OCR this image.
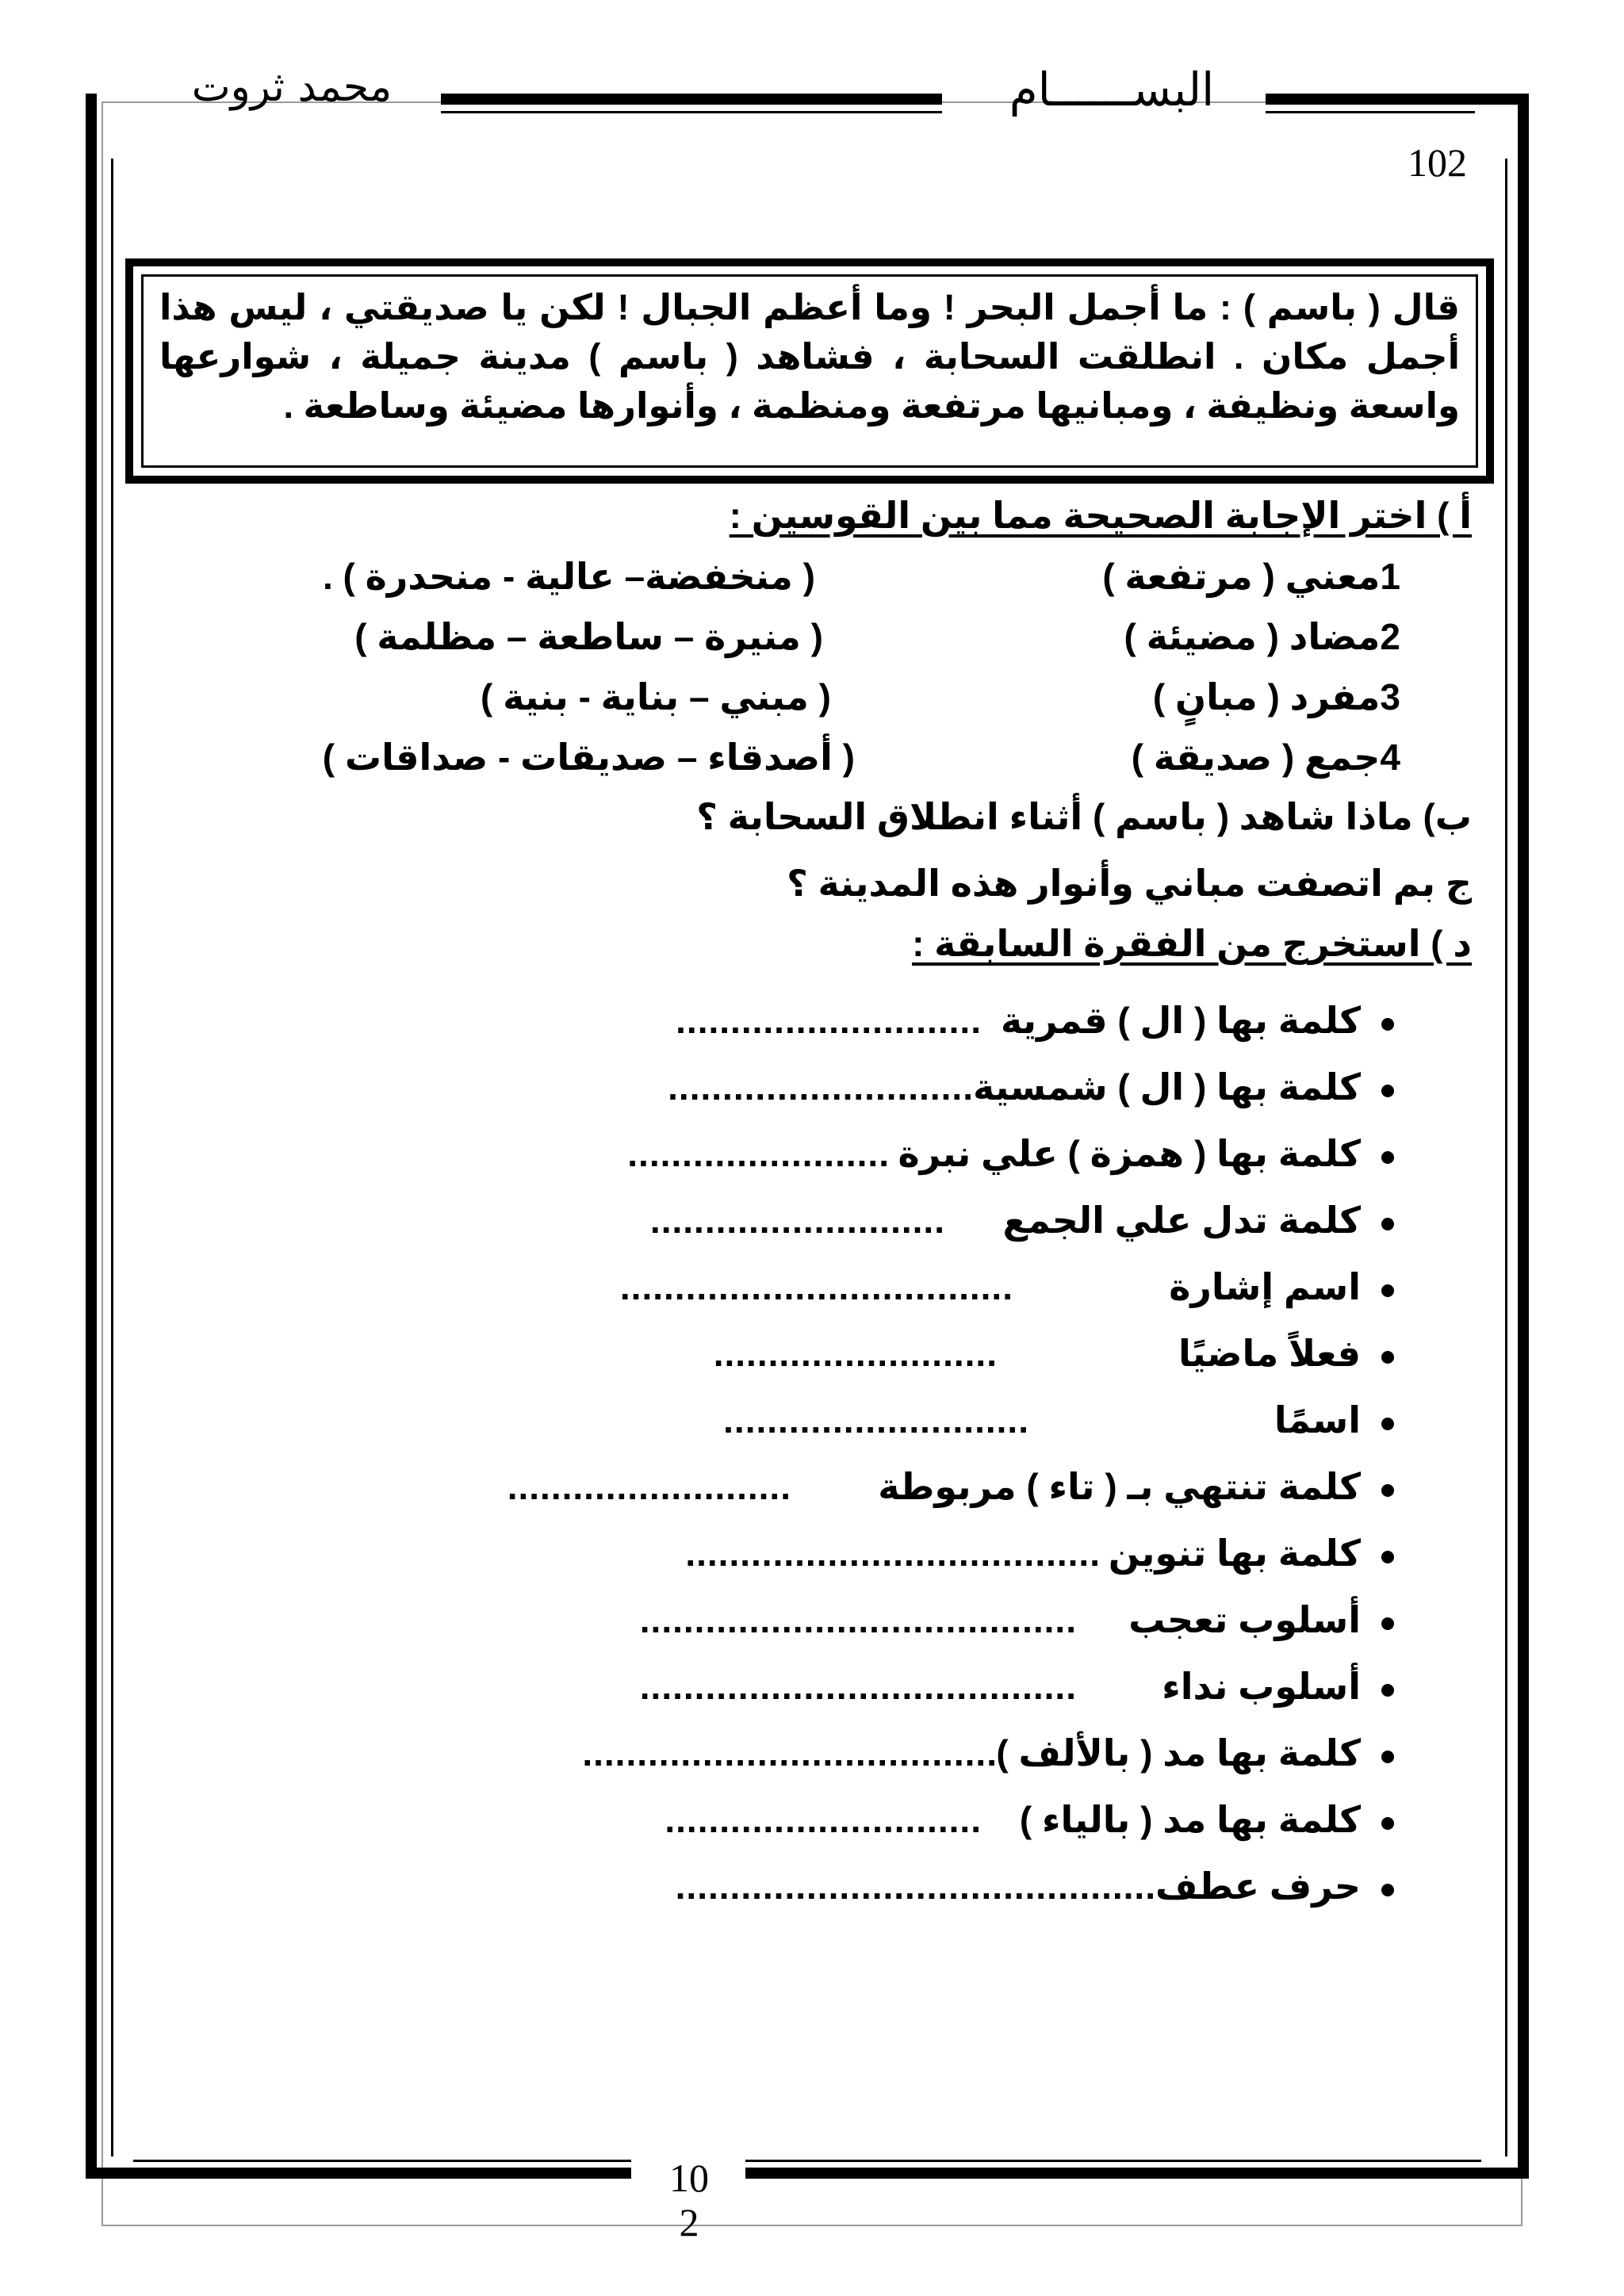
البســــــام
محمد ثروت
102

قال ( باسم ) : ما أجمل البحر ! وما أعظم الجبال ! لكن يا صديقتي ، ليس هذا أجمل مكان . انطلقت السحابة ، فشاهد ( باسم ) مدينة جميلة ، شوارعها واسعة ونظيفة ، ومبانيها مرتفعة ومنظمة ، وأنوارها مضيئة وساطعة .

أ ) اختر الإجابة الصحيحة مما بين القوسين :
1معني ( مرتفعة )
( منخفضة– عالية - منحدرة ) .
2مضاد ( مضيئة )
( منيرة – ساطعة – مظلمة )
3مفرد ( مبانٍ )
( مبني – بناية - بنية )
4جمع ( صديقة )
( أصدقاء – صديقات - صداقات )
ب) ماذا شاهد ( باسم ) أثناء انطلاق السحابة ؟
ج بم اتصفت مباني وأنوار هذه المدينة ؟
د ) استخرج من الفقرة السابقة :
كلمة بها ( ال ) قمرية
............................
كلمة بها ( ال ) شمسية
............................
كلمة بها ( همزة ) علي نبرة
........................
كلمة تدل علي الجمع
...........................
اسم إشارة
....................................
فعلاً ماضيًا
..........................
اسمًا
............................
كلمة تنتهي بـ ( تاء ) مربوطة
..........................
كلمة بها تنوين
......................................
أسلوب تعجب
........................................
أسلوب نداء
........................................
كلمة بها مد ( بالألف )
......................................
كلمة بها مد ( بالياء )
.............................
حرف عطف
............................................
10
2
